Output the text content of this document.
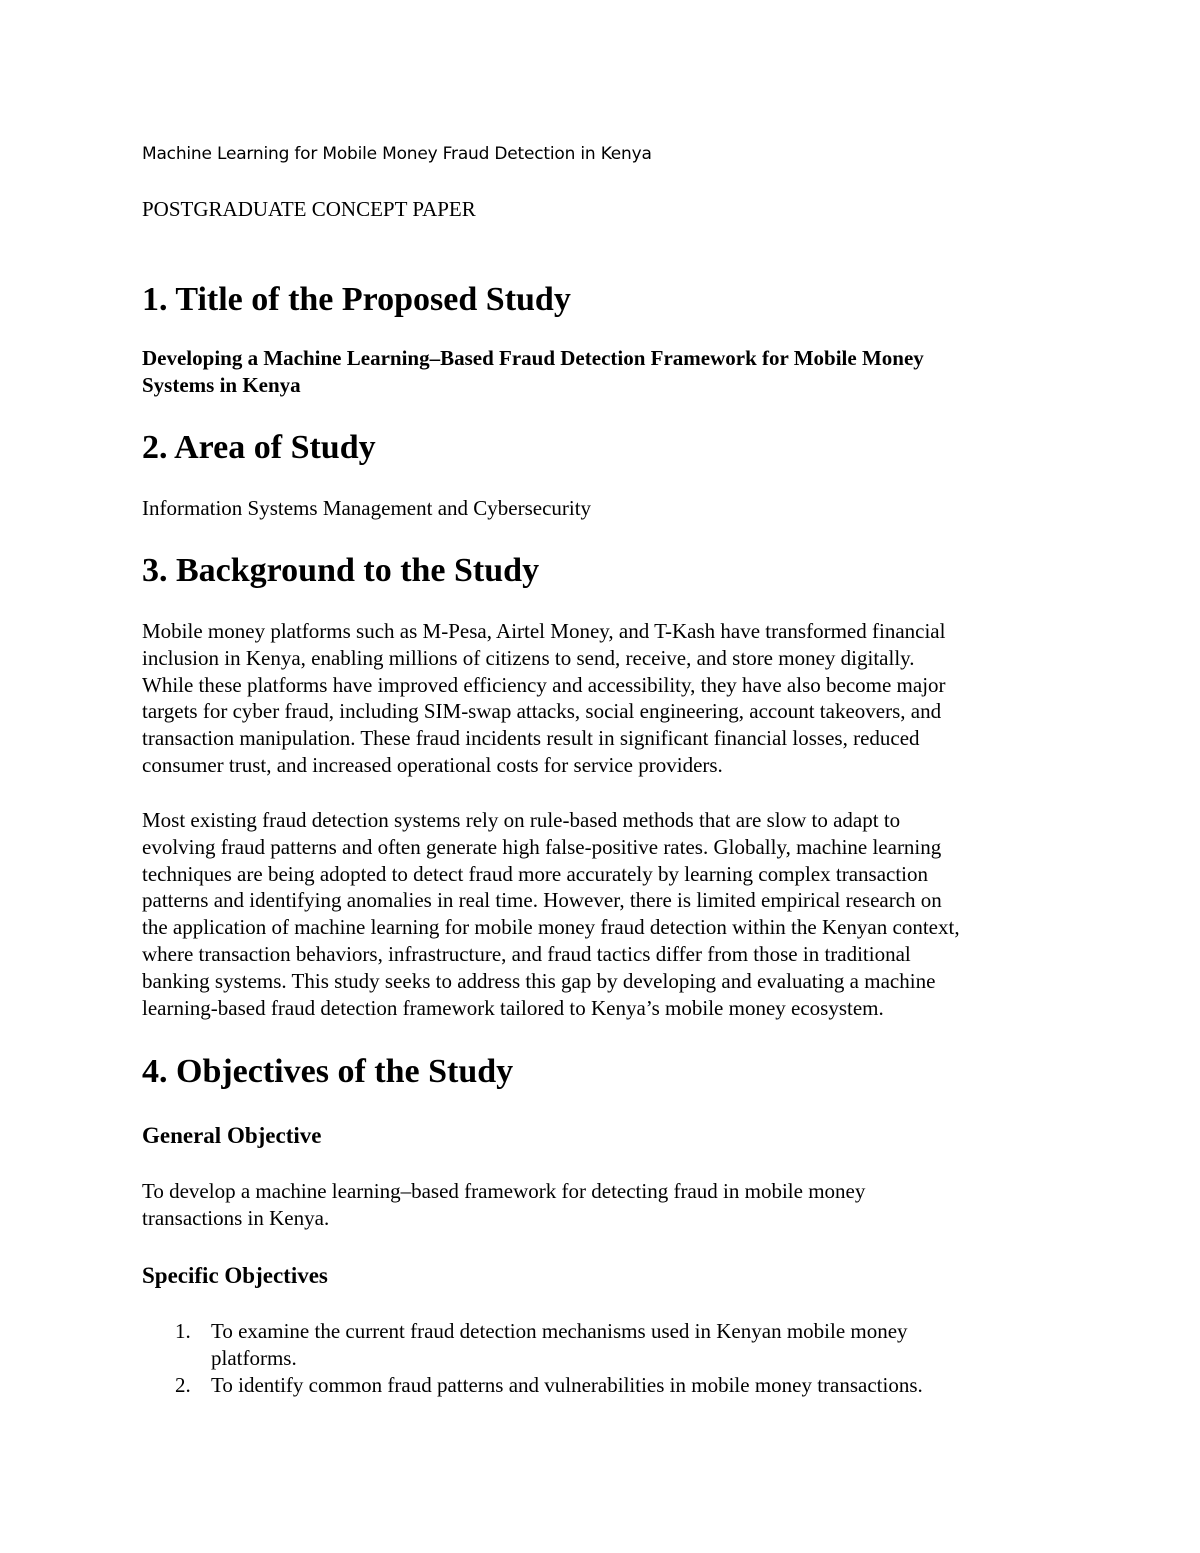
Machine Learning for Mobile Money Fraud Detection in Kenya

POSTGRADUATE CONCEPT PAPER

1. Title of the Proposed Study
Developing a Machine Learning–Based Fraud Detection Framework for Mobile Money
Systems in Kenya
2. Area of Study

Information Systems Management and Cybersecurity

3. Background to the Study
Mobile money platforms such as M-Pesa, Airtel Money, and T-Kash have transformed financial
inclusion in Kenya, enabling millions of citizens to send, receive, and store money digitally.
While these platforms have improved efficiency and accessibility, they have also become major
targets for cyber fraud, including SIM-swap attacks, social engineering, account takeovers, and
transaction manipulation. These fraud incidents result in significant financial losses, reduced
consumer trust, and increased operational costs for service providers.
Most existing fraud detection systems rely on rule-based methods that are slow to adapt to
evolving fraud patterns and often generate high false-positive rates. Globally, machine learning
techniques are being adopted to detect fraud more accurately by learning complex transaction
patterns and identifying anomalies in real time. However, there is limited empirical research on
the application of machine learning for mobile money fraud detection within the Kenyan context,
where transaction behaviors, infrastructure, and fraud tactics differ from those in traditional
banking systems. This study seeks to address this gap by developing and evaluating a machine
learning-based fraud detection framework tailored to Kenya’s mobile money ecosystem.
4. Objectives of the Study
General Objective
To develop a machine learning–based framework for detecting fraud in mobile money
transactions in Kenya.
Specific Objectives
1. To examine the current fraud detection mechanisms used in Kenyan mobile money
platforms.
2. To identify common fraud patterns and vulnerabilities in mobile money transactions.
